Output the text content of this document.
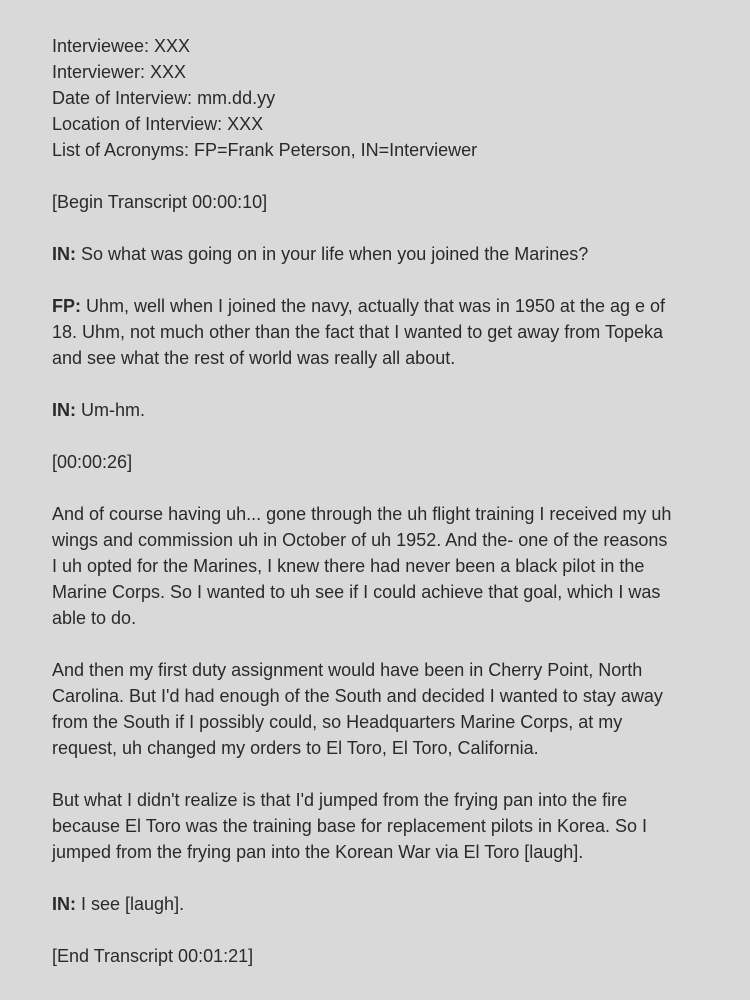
Interviewee: XXX
Interviewer: XXX
Date of Interview: mm.dd.yy
Location of Interview: XXX
List of Acronyms: FP=Frank Peterson, IN=Interviewer
[Begin Transcript 00:00:10]
IN: So what was going on in your life when you joined the Marines?
FP: Uhm, well when I joined the navy, actually that was in 1950 at the ag e of
18. Uhm, not much other than the fact that I wanted to get away from Topeka
and see what the rest of world was really all about.
IN: Um-hm.
[00:00:26]
And of course having uh... gone through the uh flight training I received my uh
wings and commission uh in October of uh 1952. And the- one of the reasons
I uh opted for the Marines, I knew there had never been a black pilot in the
Marine Corps. So I wanted to uh see if I could achieve that goal, which I was
able to do.
And then my first duty assignment would have been in Cherry Point, North
Carolina. But I'd had enough of the South and decided I wanted to stay away
from the South if I possibly could, so Headquarters Marine Corps, at my
request, uh changed my orders to El Toro, El Toro, California.
But what I didn't realize is that I'd jumped from the frying pan into the fire
because El Toro was the training base for replacement pilots in Korea. So I
jumped from the frying pan into the Korean War via El Toro [laugh].
IN: I see [laugh].
[End Transcript 00:01:21]
